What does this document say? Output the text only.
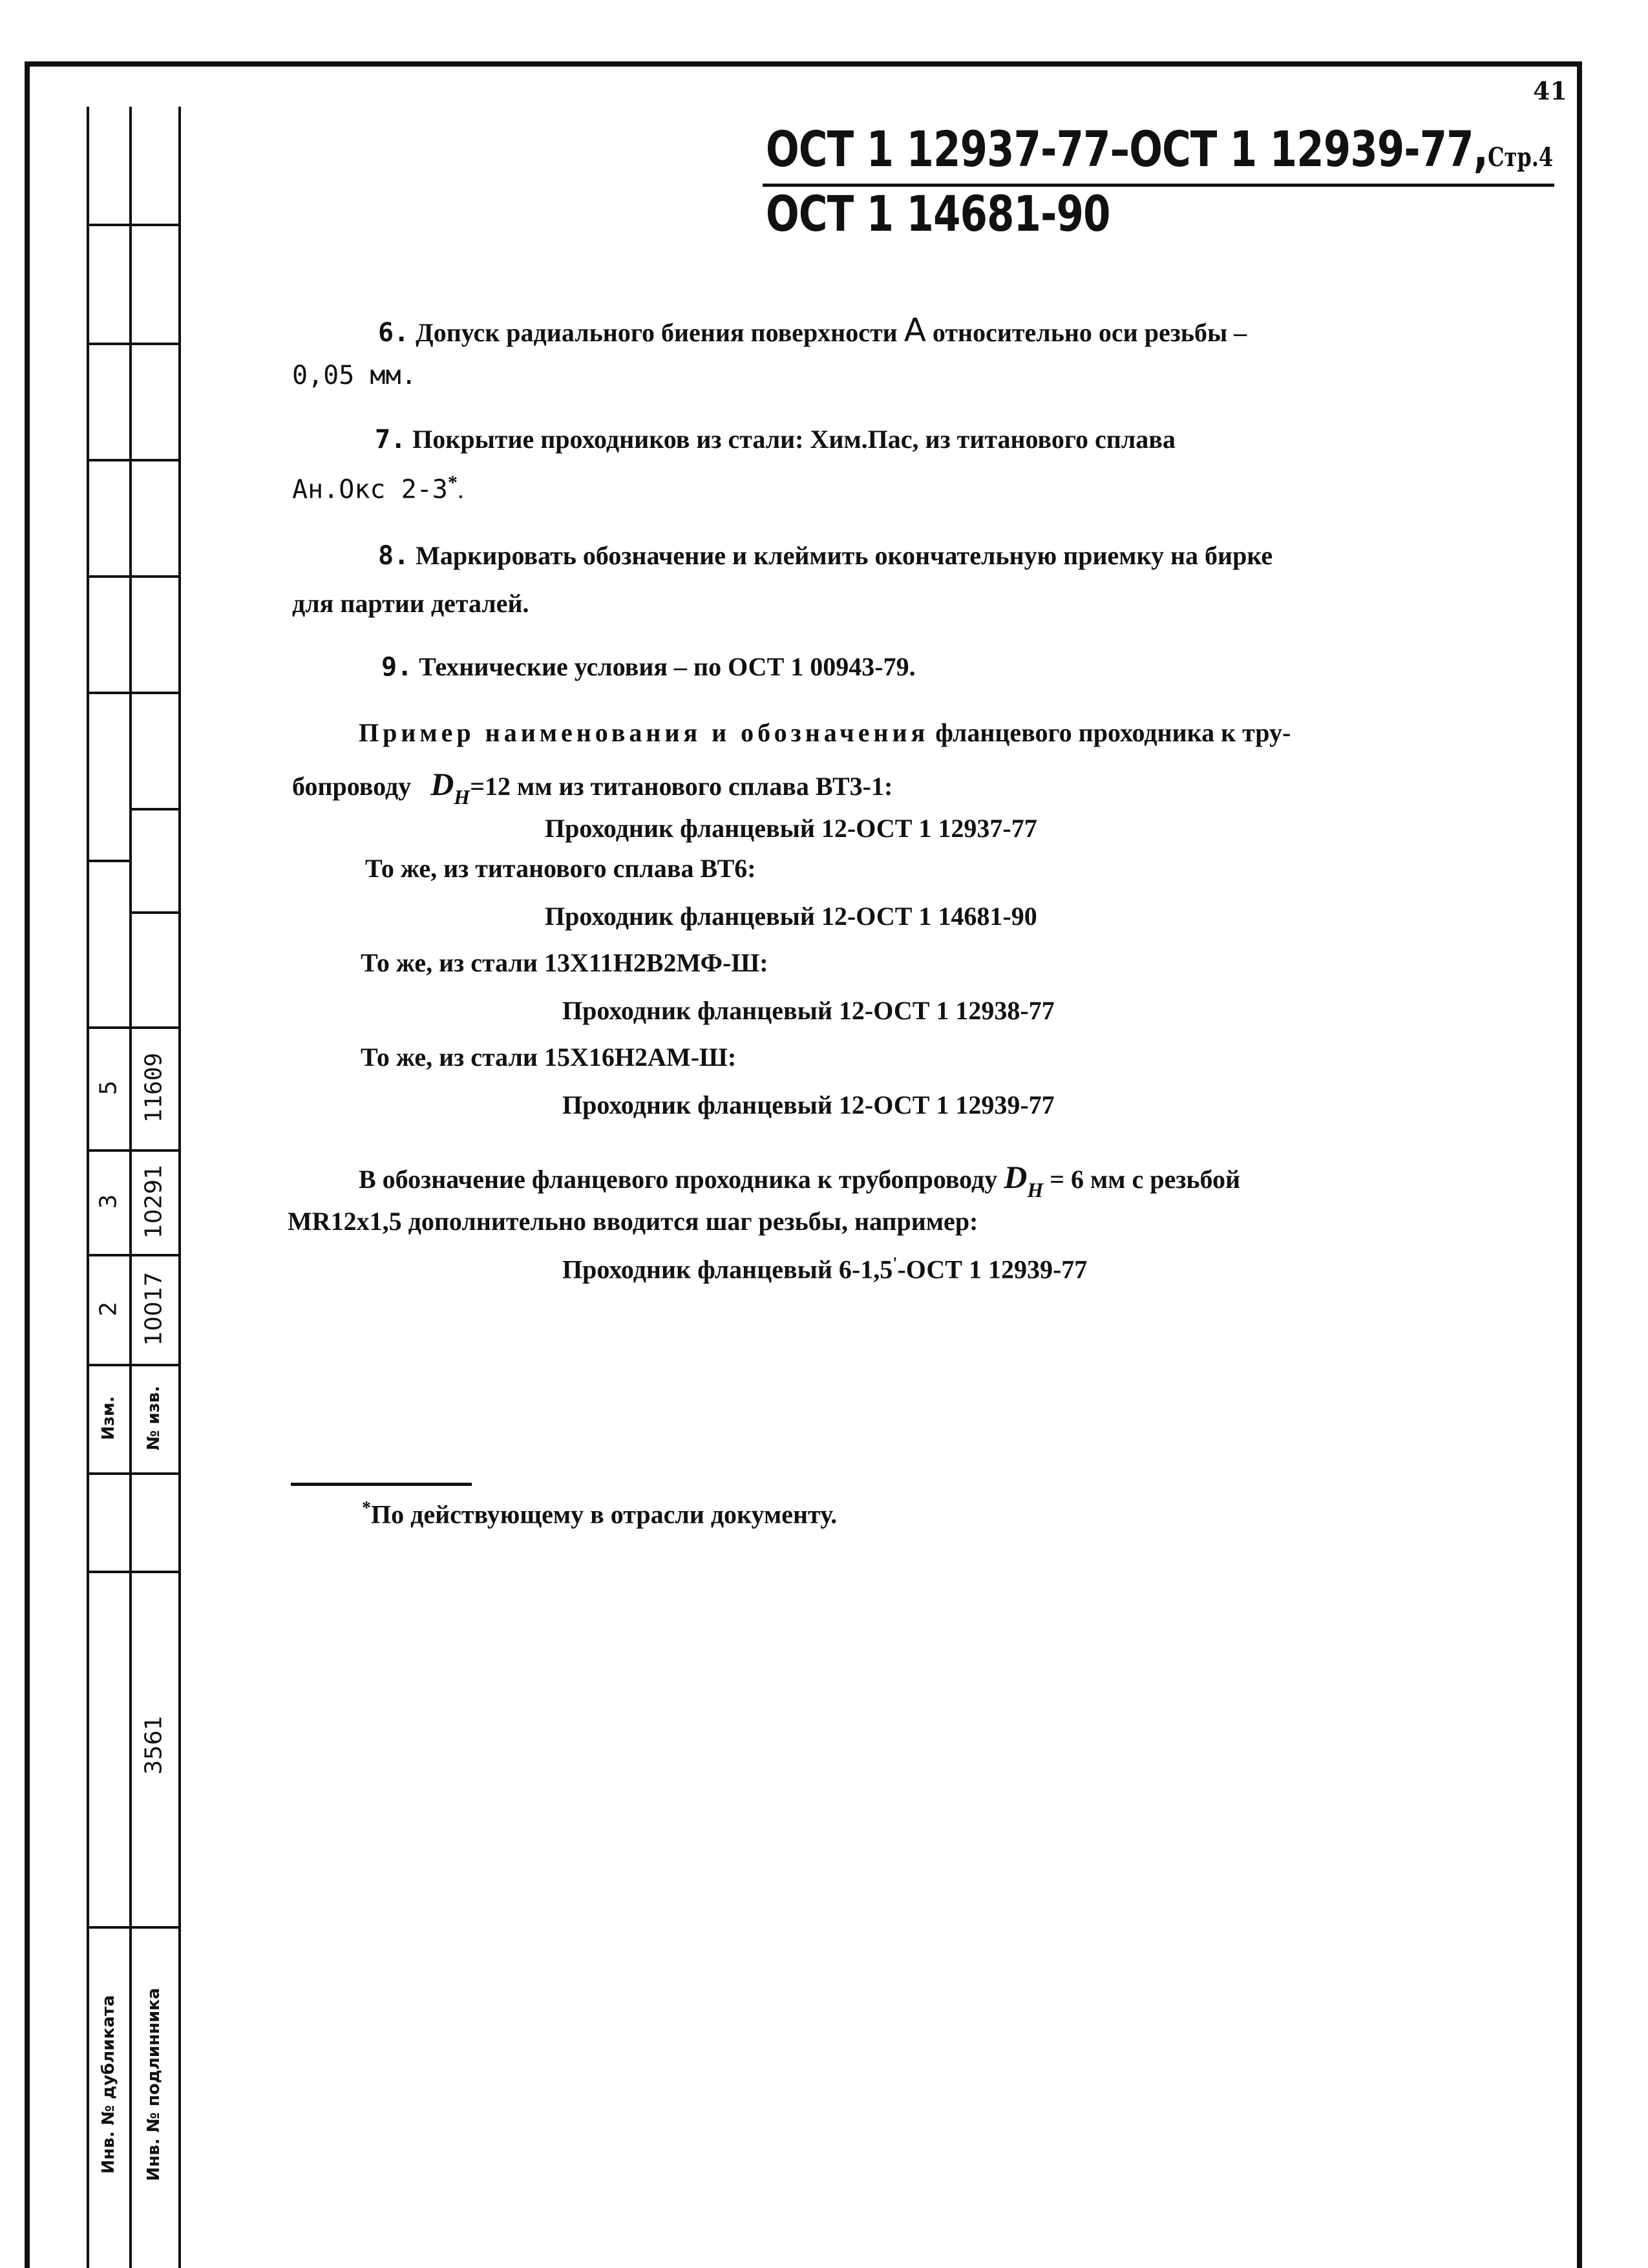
41
5 11609
3 10291
2 10017
Изм. № изв.
3561
Инв. № дубликата Инв. № подлинника
ОСТ 1 12937-77–ОСТ 1 12939-77,Стр.4
ОСТ 1 14681-90
6. Допуск радиального биения поверхности А относительно оси резьбы –
0,05 мм.
7. Покрытие проходников из стали: Хим.Пас, из титанового сплава
Ан.Окс 2-3*.
8. Маркировать обозначение и клеймить окончательную приемку на бирке
для партии деталей.
9. Технические условия – по ОСТ 1 00943-79.
Пример наименования и обозначения фланцевого проходника к тру-
бопроводу $D_Н=12$ мм из титанового сплава ВТ3-1:
Проходник фланцевый 12-ОСТ 1 12937-77
То же, из титанового сплава ВТ6:
Проходник фланцевый 12-ОСТ 1 14681-90
То же, из стали 13Х11Н2В2МФ-Ш:
Проходник фланцевый 12-ОСТ 1 12938-77
То же, из стали 15Х16Н2АМ-Ш:
Проходник фланцевый 12-ОСТ 1 12939-77
В обозначение фланцевого проходника к трубопроводу $D_Н = 6$ мм с резьбой
MR12x1,5 дополнительно вводится шаг резьбы, например:
Проходник фланцевый 6-1,5'-ОСТ 1 12939-77
*По действующему в отрасли документу.
